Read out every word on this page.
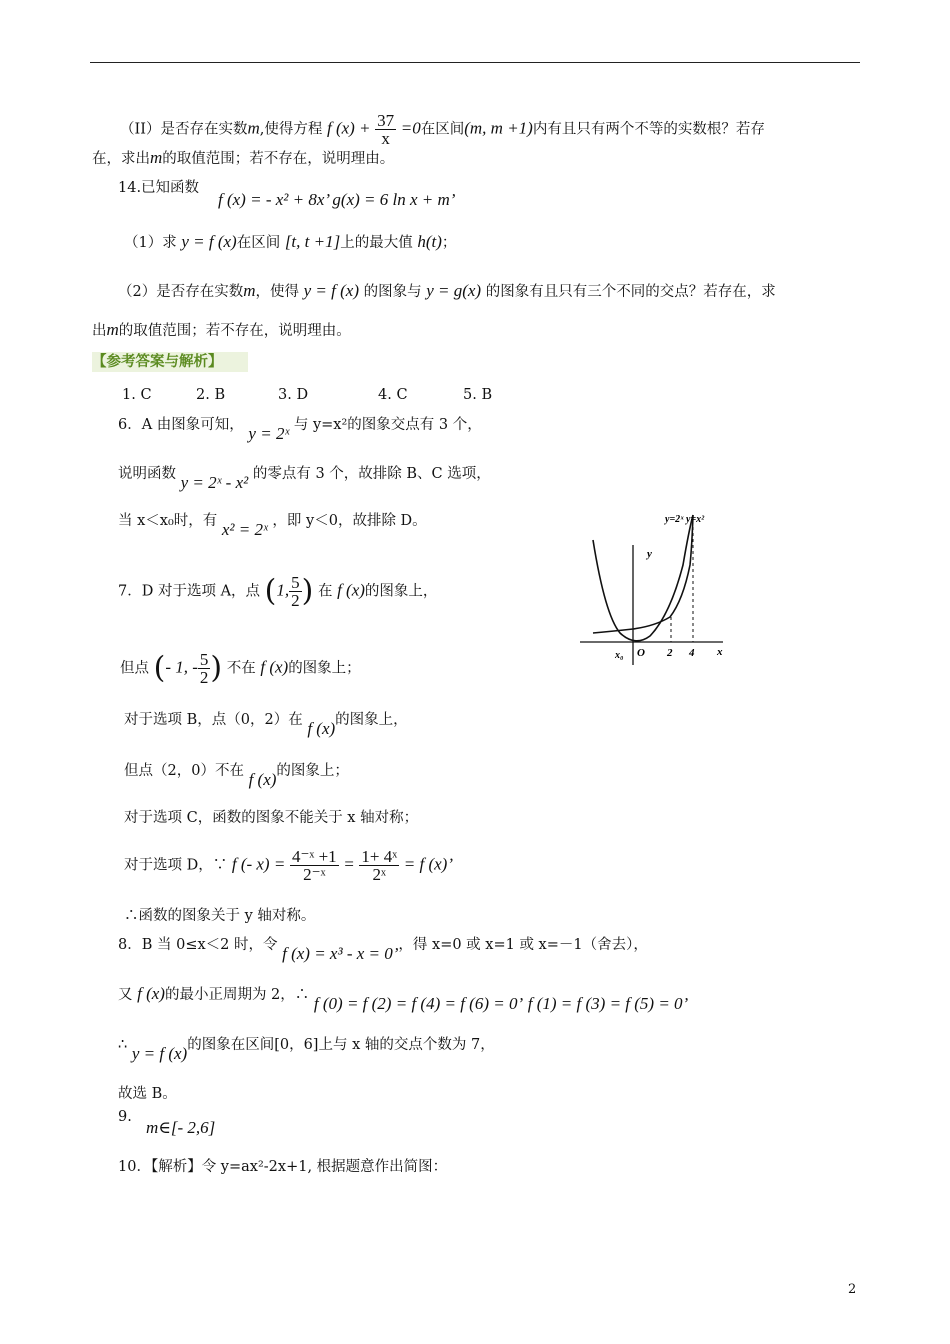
（II）是否存在实数m,使得方程 f $(x) + \frac{37}{x} =0$在区间(m, m +1)内有且只有两个不等的实数根？若存
在，求出m的取值范围；若不存在，说明理由。
14.已知函数
f (x) = - x² + 8x’ g(x) = 6 ln x + m’
（1）求 y = f (x)在区间 [t, t +1]上的最大值 h(t)；
（2）是否存在实数m，使得 y = f (x) 的图象与 y = g(x) 的图象有且只有三个不同的交点？若存在，求
出m的取值范围；若不存在，说明理由。
【参考答案与解析】
1. C	2. B	3. D	4. C	5. B
6．A 由图象可知， y = 2ˣ 与 y=x²的图象交点有 3 个，
说明函数 y = 2ˣ - x² 的零点有 3 个，故排除 B、C 选项，
当 x＜x₀时，有 x² = 2ˣ ，即 y＜0，故排除 D。
y
x
x₀ O 2 4
y=2ˣ y=x²
7．D 对于选项 A，点 (1, $\frac{5}{2}$ ) 在 f (x)的图象上，
但点 (- 1, - $\frac{5}{2}$ ) 不在 f (x)的图象上；
对于选项 B，点（0，2）在 f (x)的图象上，
但点（2，0）不在 f (x)的图象上；
对于选项 C，函数的图象不能关于 x 轴对称；
对于选项 D，∵ f (- $x) = \frac{\text{4⁻ˣ +1}}{\text{2⁻ˣ}} = \frac{\text{1+ 4ˣ}}{\text{2ˣ}} = f$ (x)’
∴函数的图象关于 y 轴对称。
8．B 当 0≤x＜2 时，令 f (x) = x³ - x = 0’，得 x=0 或 x=1 或 x=－1（舍去），
又 f (x)的最小正周期为 2，∴ f (0) = f (2) = f (4) = f (6) = 0’ f (1) = f (3) = f (5) = 0’
∴ y = f (x)的图象在区间[0，6]上与 x 轴的交点个数为 7，
故选 B。
9.
m∈[- 2,6]
10．【解析】令 y=ax²-2x+1, 根据题意作出简图：
2
